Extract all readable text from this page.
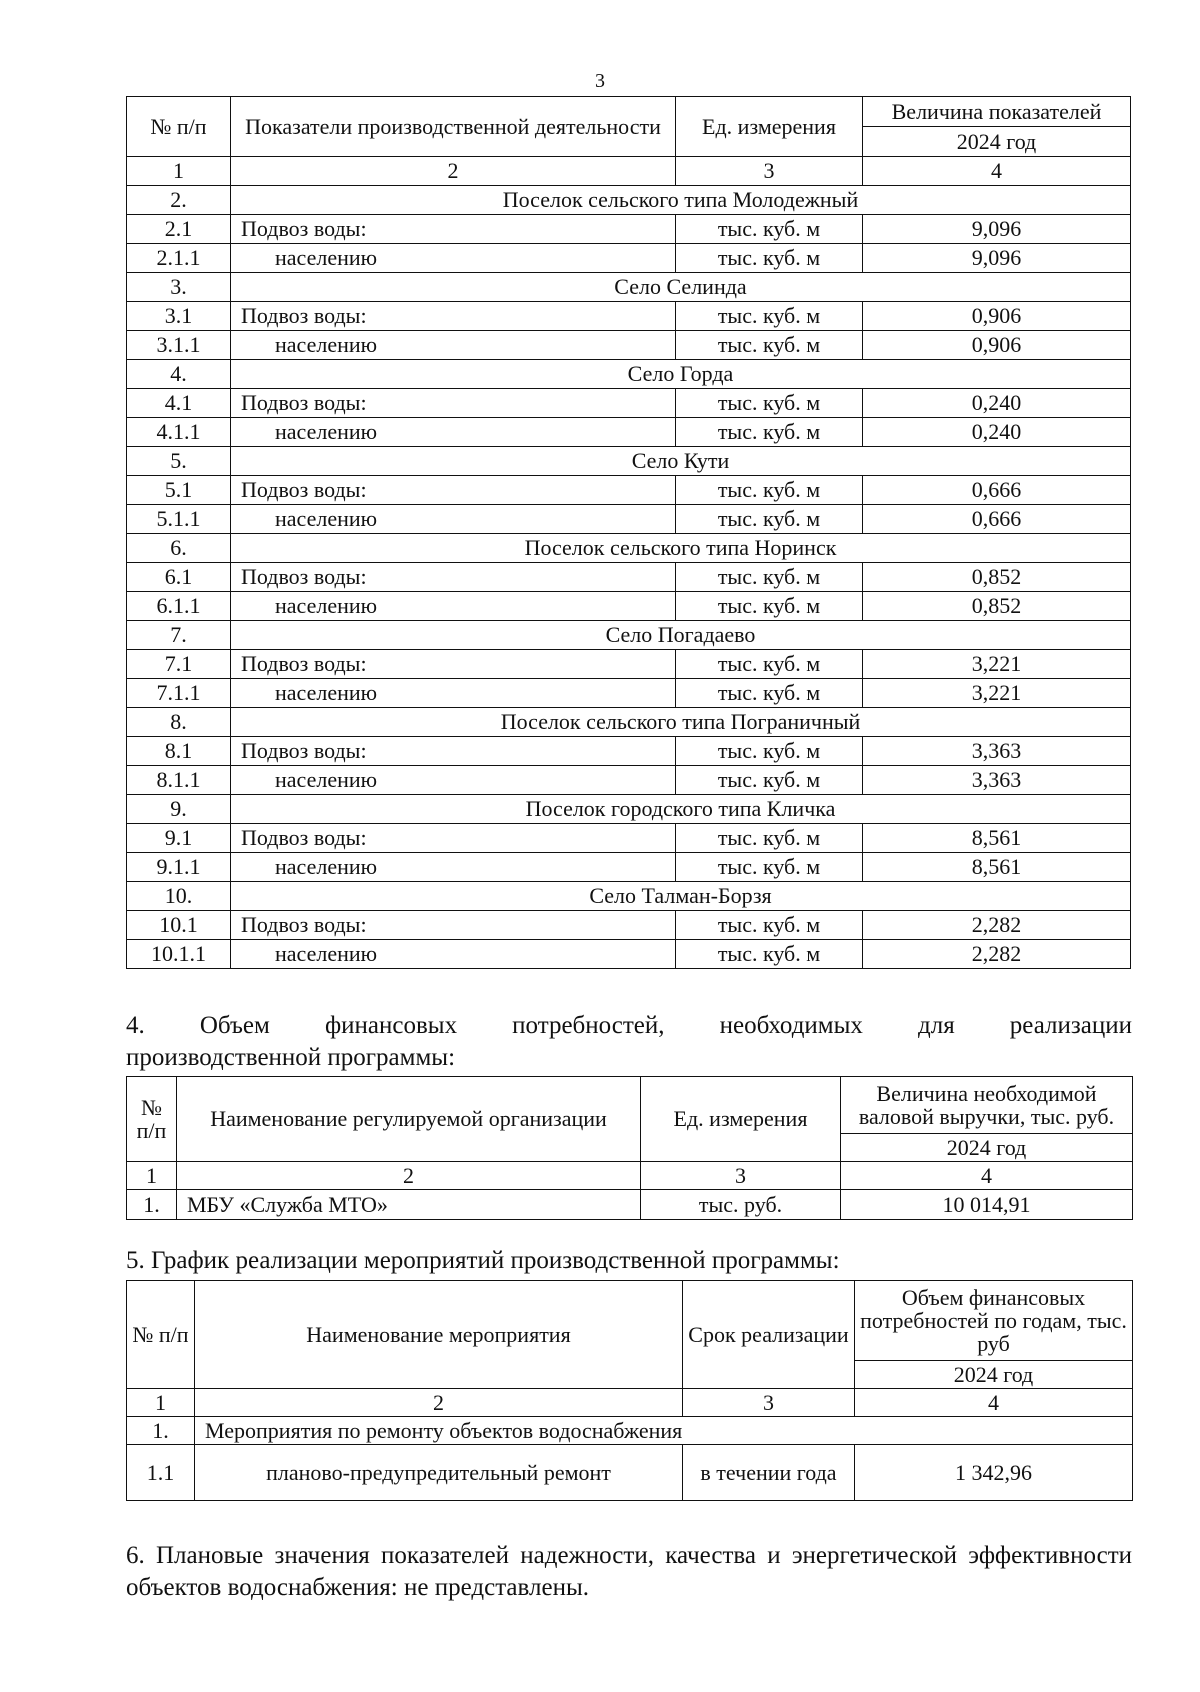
3
№ п/п	Показатели производственной деятельности	Ед. измерения	Величина показателей
			2024 год
1	2	3	4
2.	Поселок сельского типа Молодежный		
2.1	Подвоз воды:	тыс. куб. м	9,096
2.1.1	населению	тыс. куб. м	9,096
3.	Село Селинда		
3.1	Подвоз воды:	тыс. куб. м	0,906
3.1.1	населению	тыс. куб. м	0,906
4.	Село Горда		
4.1	Подвоз воды:	тыс. куб. м	0,240
4.1.1	населению	тыс. куб. м	0,240
5.	Село Кути		
5.1	Подвоз воды:	тыс. куб. м	0,666
5.1.1	населению	тыс. куб. м	0,666
6.	Поселок сельского типа Норинск		
6.1	Подвоз воды:	тыс. куб. м	0,852
6.1.1	населению	тыс. куб. м	0,852
7.	Село Погадаево		
7.1	Подвоз воды:	тыс. куб. м	3,221
7.1.1	населению	тыс. куб. м	3,221
8.	Поселок сельского типа Пограничный		
8.1	Подвоз воды:	тыс. куб. м	3,363
8.1.1	населению	тыс. куб. м	3,363
9.	Поселок городского типа Кличка		
9.1	Подвоз воды:	тыс. куб. м	8,561
9.1.1	населению	тыс. куб. м	8,561
10.	Село Талман-Борзя		
10.1	Подвоз воды:	тыс. куб. м	2,282
10.1.1	населению	тыс. куб. м	2,282
4. Объем финансовых потребностей, необходимых для реализации
производственной программы:
№ п/п	Наименование регулируемой организации	Ед. измерения	Величина необходимой валовой выручки, тыс. руб.
			2024 год
1	2	3	4
1.	МБУ «Служба МТО»	тыс. руб.	10 014,91
5. График реализации мероприятий производственной программы:
№ п/п	Наименование мероприятия	Срок реализации	Объем финансовых потребностей по годам, тыс. руб
			2024 год
1	2	3	4
1.	Мероприятия по ремонту объектов водоснабжения		
1.1	планово-предупредительный ремонт	в течении года	1 342,96
6. Плановые значения показателей надежности, качества и энергетической эффективности объектов водоснабжения: не представлены.
